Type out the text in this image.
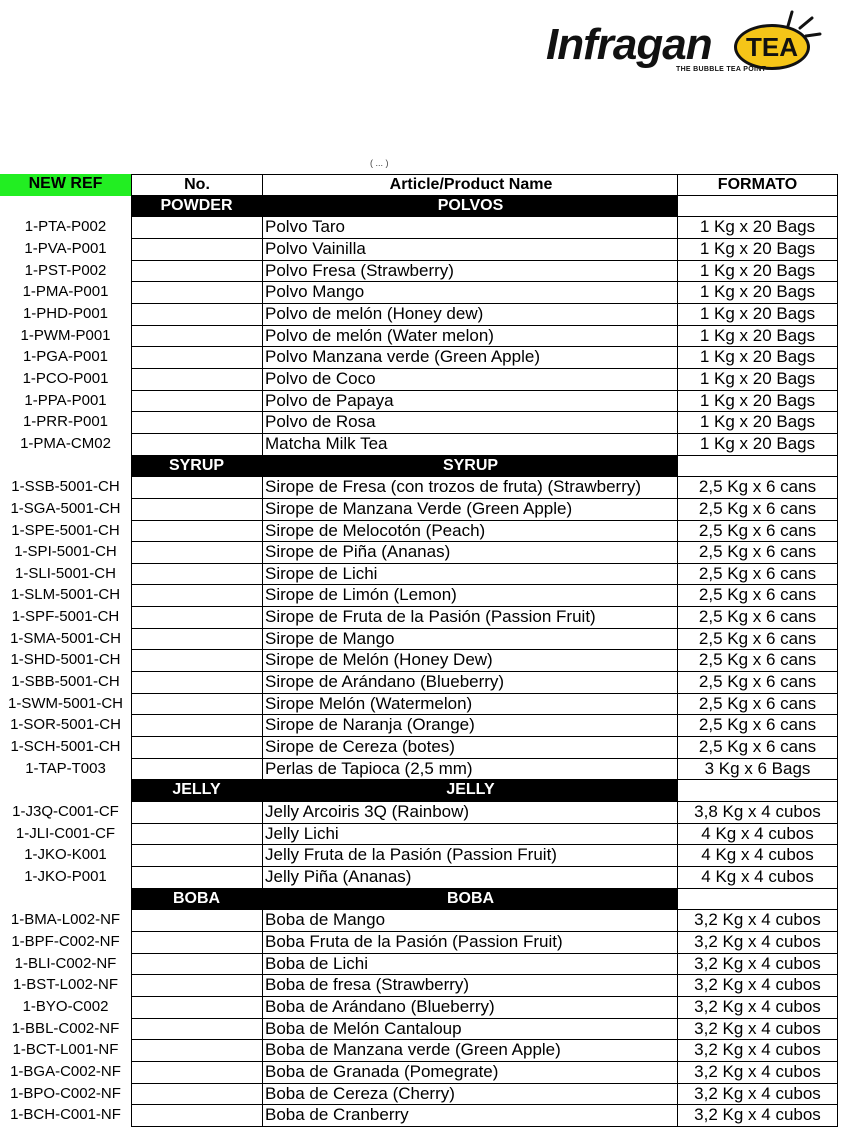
Infragan	TEA
THE BUBBLE TEA POINT
( ... )
NEW REF	No.	Article/Product Name	FORMATO
POWDER	POLVOS
1-PTA-P002	Polvo Taro	1 Kg x 20 Bags
1-PVA-P001	Polvo Vainilla	1 Kg x 20 Bags
1-PST-P002	Polvo Fresa (Strawberry)	1 Kg x 20 Bags
1-PMA-P001	Polvo Mango	1 Kg x 20 Bags
1-PHD-P001	Polvo de melón (Honey dew)	1 Kg x 20 Bags
1-PWM-P001	Polvo de melón (Water melon)	1 Kg x 20 Bags
1-PGA-P001	Polvo Manzana verde (Green Apple)	1 Kg x 20 Bags
1-PCO-P001	Polvo de Coco	1 Kg x 20 Bags
1-PPA-P001	Polvo de Papaya	1 Kg x 20 Bags
1-PRR-P001	Polvo de Rosa	1 Kg x 20 Bags
1-PMA-CM02	Matcha Milk Tea	1 Kg x 20 Bags
SYRUP	SYRUP
1-SSB-5001-CH	Sirope de Fresa (con trozos de fruta) (Strawberry)	2,5 Kg x 6 cans
1-SGA-5001-CH	Sirope de Manzana Verde (Green Apple)	2,5 Kg x 6 cans
1-SPE-5001-CH	Sirope de Melocotón (Peach)	2,5 Kg x 6 cans
1-SPI-5001-CH	Sirope de Piña (Ananas)	2,5 Kg x 6 cans
1-SLI-5001-CH	Sirope de Lichi	2,5 Kg x 6 cans
1-SLM-5001-CH	Sirope de Limón (Lemon)	2,5 Kg x 6 cans
1-SPF-5001-CH	Sirope de Fruta de la Pasión (Passion Fruit)	2,5 Kg x 6 cans
1-SMA-5001-CH	Sirope de Mango	2,5 Kg x 6 cans
1-SHD-5001-CH	Sirope de Melón (Honey Dew)	2,5 Kg x 6 cans
1-SBB-5001-CH	Sirope de Arándano (Blueberry)	2,5 Kg x 6 cans
1-SWM-5001-CH	Sirope Melón (Watermelon)	2,5 Kg x 6 cans
1-SOR-5001-CH	Sirope de Naranja (Orange)	2,5 Kg x 6 cans
1-SCH-5001-CH	Sirope de Cereza (botes)	2,5 Kg x 6 cans
1-TAP-T003	Perlas de Tapioca (2,5 mm)	3 Kg x 6 Bags
JELLY	JELLY
1-J3Q-C001-CF	Jelly Arcoiris 3Q (Rainbow)	3,8 Kg x 4 cubos
1-JLI-C001-CF	Jelly Lichi	4 Kg x 4 cubos
1-JKO-K001	Jelly Fruta de la Pasión (Passion Fruit)	4 Kg x 4 cubos
1-JKO-P001	Jelly Piña (Ananas)	4 Kg x 4 cubos
BOBA	BOBA
1-BMA-L002-NF	Boba de Mango	3,2 Kg x 4 cubos
1-BPF-C002-NF	Boba Fruta de la Pasión (Passion Fruit)	3,2 Kg x 4 cubos
1-BLI-C002-NF	Boba de Lichi	3,2 Kg x 4 cubos
1-BST-L002-NF	Boba de fresa (Strawberry)	3,2 Kg x 4 cubos
1-BYO-C002	Boba de Arándano (Blueberry)	3,2 Kg x 4 cubos
1-BBL-C002-NF	Boba de Melón Cantaloup	3,2 Kg x 4 cubos
1-BCT-L001-NF	Boba de Manzana verde (Green Apple)	3,2 Kg x 4 cubos
1-BGA-C002-NF	Boba de Granada (Pomegrate)	3,2 Kg x 4 cubos
1-BPO-C002-NF	Boba de Cereza (Cherry)	3,2 Kg x 4 cubos
1-BCH-C001-NF	Boba de Cranberry	3,2 Kg x 4 cubos
